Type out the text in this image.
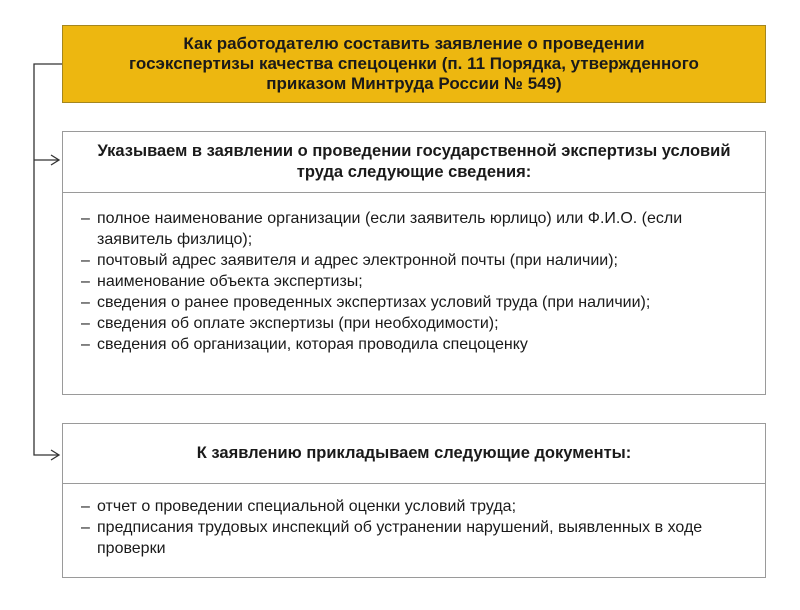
Как работодателю составить заявление о проведении госэкспертизы качества спецоценки (п. 11 Порядка, утвержденного приказом Минтруда России № 549)
Указываем в заявлении о проведении государственной экспертизы условий труда следующие сведения:
– полное наименование организации (если заявитель юрлицо) или Ф.И.О. (если заявитель физлицо);
– почтовый адрес заявителя и адрес электронной почты (при наличии);
– наименование объекта экспертизы;
– сведения о ранее проведенных экспертизах условий труда (при наличии);
– сведения об оплате экспертизы (при необходимости);
– сведения об организации, которая проводила спецоценку
К заявлению прикладываем следующие документы:
– отчет о проведении специальной оценки условий труда;
– предписания трудовых инспекций об устранении нарушений, выявленных в ходе проверки
